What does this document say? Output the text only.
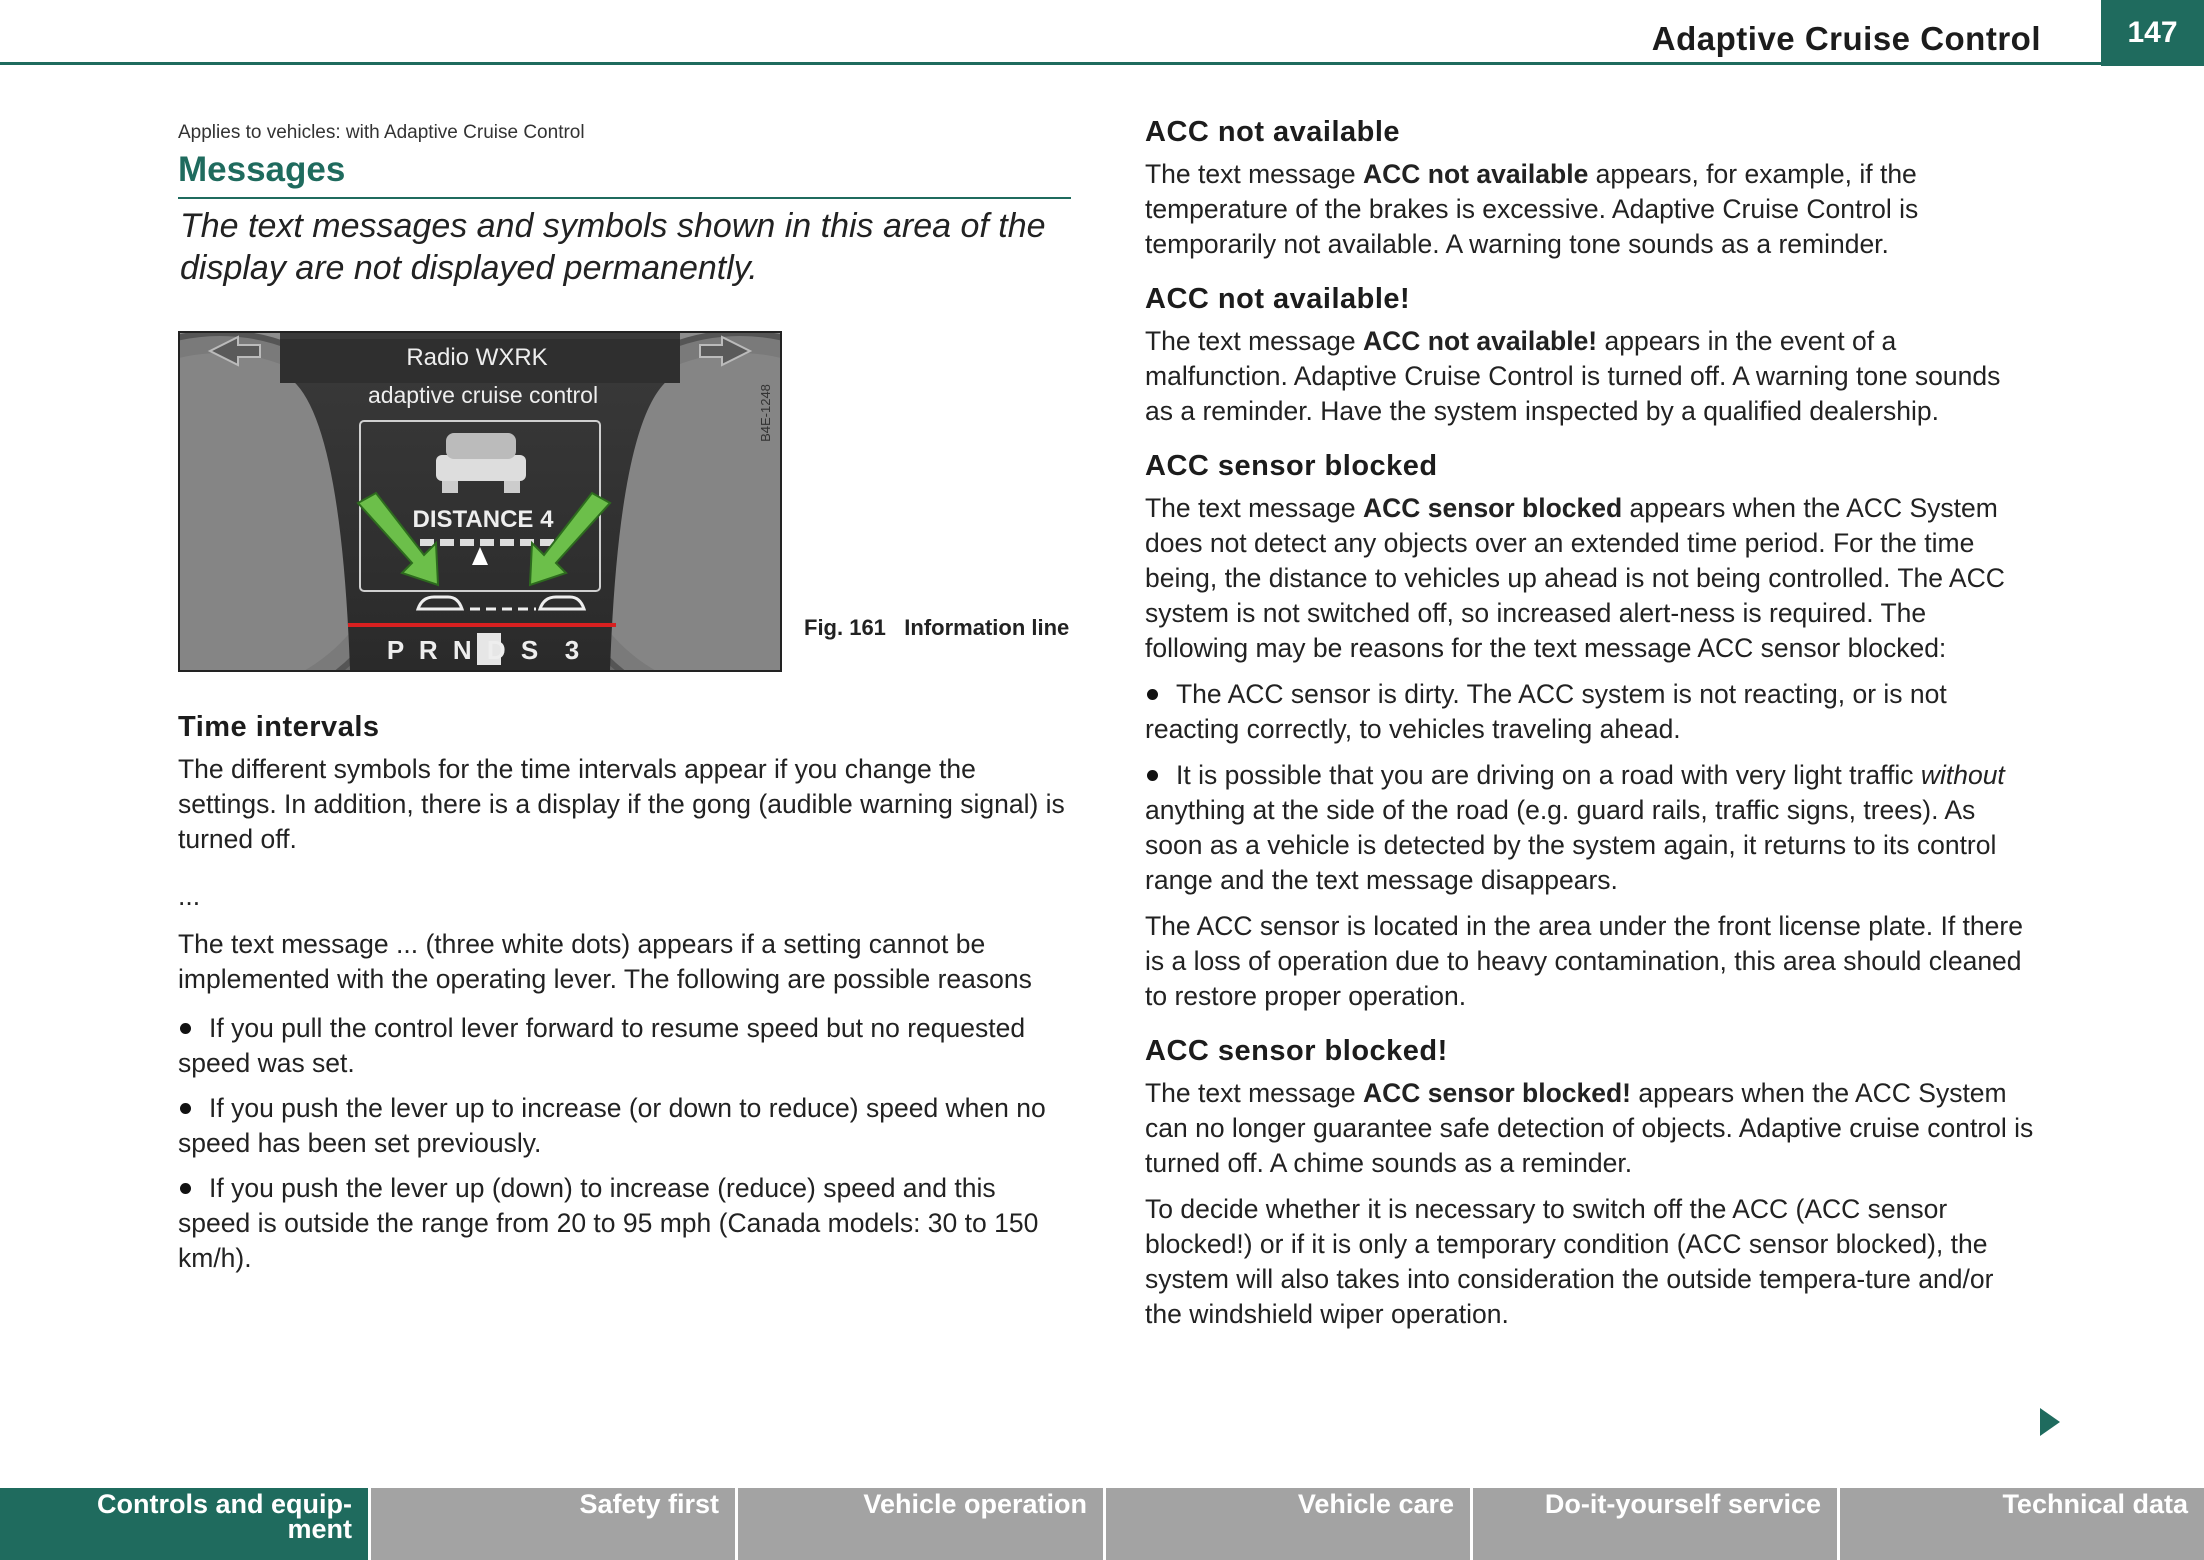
Adaptive Cruise Control	147
Applies to vehicles: with Adaptive Cruise Control
Messages
The text messages and symbols shown in this area of the display are not displayed permanently.
Radio WXRK
adaptive cruise control
DISTANCE 4
P R N D S  3
B4E-1248
Fig. 161 Information line
Time intervals

The different symbols for the time intervals appear if you change the settings. In addition, there is a display if the gong (audible warning signal) is turned off.

...

The text message ... (three white dots) appears if a setting cannot be implemented with the operating lever. The following are possible reasons

If you pull the control lever forward to resume speed but no requested speed was set.

If you push the lever up to increase (or down to reduce) speed when no speed has been set previously.

If you push the lever up (down) to increase (reduce) speed and this speed is outside the range from 20 to 95 mph (Canada models: 30 to 150 km/h).

ACC not available

The text message ACC not available appears, for example, if the temperature of the brakes is excessive. Adaptive Cruise Control is temporarily not available. A warning tone sounds as a reminder.

ACC not available!

The text message ACC not available! appears in the event of a malfunction. Adaptive Cruise Control is turned off. A warning tone sounds as a reminder. Have the system inspected by a qualified dealership.

ACC sensor blocked

The text message ACC sensor blocked appears when the ACC System does not detect any objects over an extended time period. For the time being, the distance to vehicles up ahead is not being controlled. The ACC system is not switched off, so increased alert-ness is required. The following may be reasons for the text message ACC sensor blocked:

The ACC sensor is dirty. The ACC system is not reacting, or is not reacting correctly, to vehicles traveling ahead.

It is possible that you are driving on a road with very light traffic without anything at the side of the road (e.g. guard rails, traffic signs, trees). As soon as a vehicle is detected by the system again, it returns to its control range and the text message disappears.

The ACC sensor is located in the area under the front license plate. If there is a loss of operation due to heavy contamination, this area should cleaned to restore proper operation.

ACC sensor blocked!

The text message ACC sensor blocked! appears when the ACC System can no longer guarantee safe detection of objects. Adaptive cruise control is turned off. A chime sounds as a reminder.

To decide whether it is necessary to switch off the ACC (ACC sensor blocked!) or if it is only a temporary condition (ACC sensor blocked), the system will also takes into consideration the outside tempera-ture and/or the windshield wiper operation.

Controls and equip-ment
Safety first	Vehicle operation	Vehicle care	Do-it-yourself service	Technical data
